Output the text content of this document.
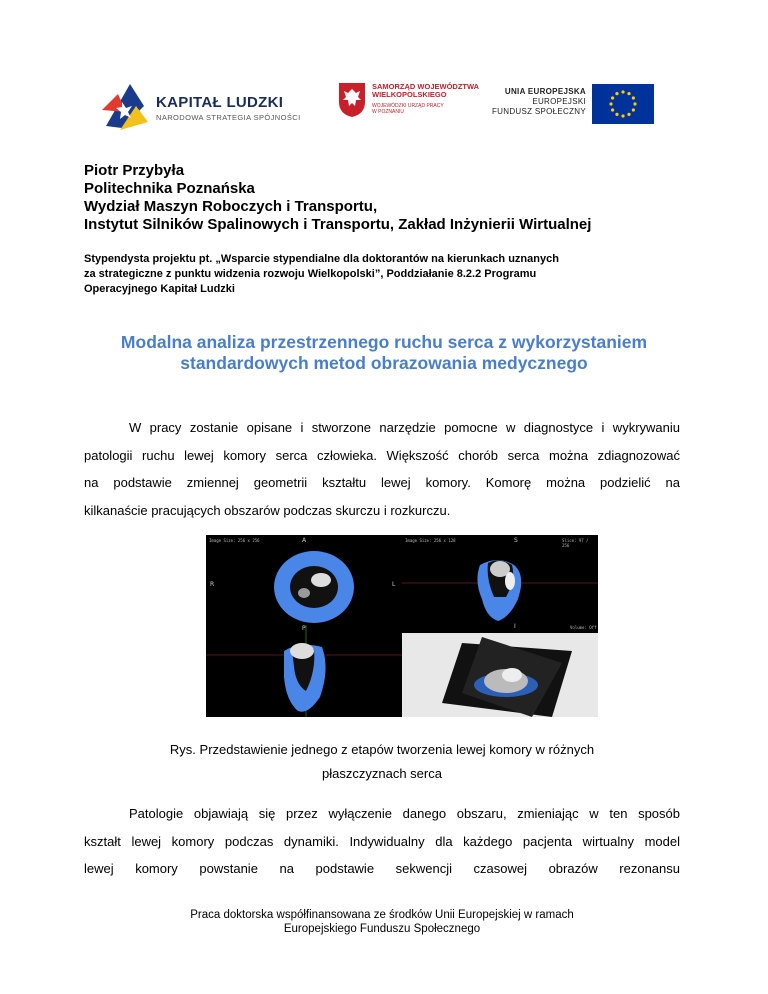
KAPITAŁ LUDZKI
NARODOWA STRATEGIA SPÓJNOŚCI
SAMORZĄD WOJEWÓDZTWA
WIELKOPOLSKIEGO
WOJEWÓDZKI URZĄD PRACY
W POZNANIU
UNIA EUROPEJSKA
EUROPEJSKI
FUNDUSZ SPOŁECZNY
Piotr Przybyła
Politechnika Poznańska
Wydział Maszyn Roboczych i Transportu,
Instytut Silników Spalinowych i Transportu, Zakład Inżynierii Wirtualnej
Stypendysta projektu pt. „Wsparcie stypendialne dla doktorantów na kierunkach uznanych
za strategiczne z punktu widzenia rozwoju Wielkopolski”, Poddziałanie 8.2.2 Programu
Operacyjnego Kapitał Ludzki
Modalna analiza przestrzennego ruchu serca z wykorzystaniem
standardowych metod obrazowania medycznego
W pracy zostanie opisane i stworzone narzędzie pomocne w diagnostyce i wykrywaniu
patologii ruchu lewej komory serca człowieka. Większość chorób serca można zdiagnozować
na podstawie zmiennej geometrii kształtu lewej komory. Komorę można podzielić na
kilkanaście pracujących obszarów podczas skurczu i rozkurczu.
Image Size: 256 x 256	A
R	L
Image Size: 256 x 128	Slice: 97 / 256
S
I	Volume: Off
P
Rys. Przedstawienie jednego z etapów tworzenia lewej komory w różnych
płaszczyznach serca
Patologie objawiają się przez wyłączenie danego obszaru, zmieniając w ten sposób
kształt lewej komory podczas dynamiki. Indywidualny dla każdego pacjenta wirtualny model
lewej komory powstanie na podstawie sekwencji czasowej obrazów rezonansu
Praca doktorska współfinansowana ze środków Unii Europejskiej w ramach
Europejskiego Funduszu Społecznego
